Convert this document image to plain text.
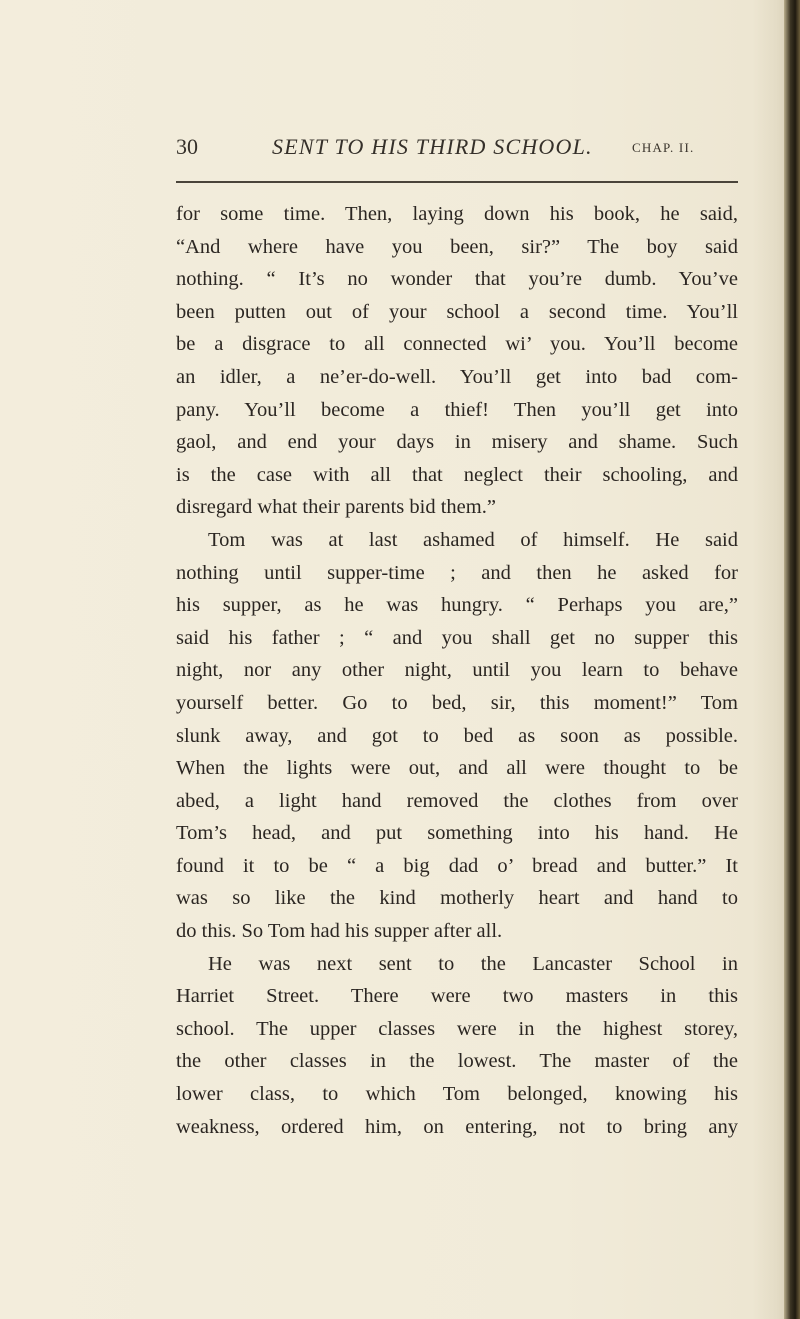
30	SENT TO HIS THIRD SCHOOL.	CHAP. II.
for some time. Then, laying down his book, he said,
“And where have you been, sir?” The boy said
nothing. “ It’s no wonder that you’re dumb. You’ve
been putten out of your school a second time. You’ll
be a disgrace to all connected wi’ you. You’ll become
an idler, a ne’er-do-well. You’ll get into bad com-
pany. You’ll become a thief! Then you’ll get into
gaol, and end your days in misery and shame. Such
is the case with all that neglect their schooling, and
disregard what their parents bid them.”
Tom was at last ashamed of himself. He said
nothing until supper-time ; and then he asked for
his supper, as he was hungry. “ Perhaps you are,”
said his father ; “ and you shall get no supper this
night, nor any other night, until you learn to behave
yourself better. Go to bed, sir, this moment!” Tom
slunk away, and got to bed as soon as possible.
When the lights were out, and all were thought to be
abed, a light hand removed the clothes from over
Tom’s head, and put something into his hand. He
found it to be “ a big dad o’ bread and butter.” It
was so like the kind motherly heart and hand to
do this. So Tom had his supper after all.
He was next sent to the Lancaster School in
Harriet Street. There were two masters in this
school. The upper classes were in the highest storey,
the other classes in the lowest. The master of the
lower class, to which Tom belonged, knowing his
weakness, ordered him, on entering, not to bring any
